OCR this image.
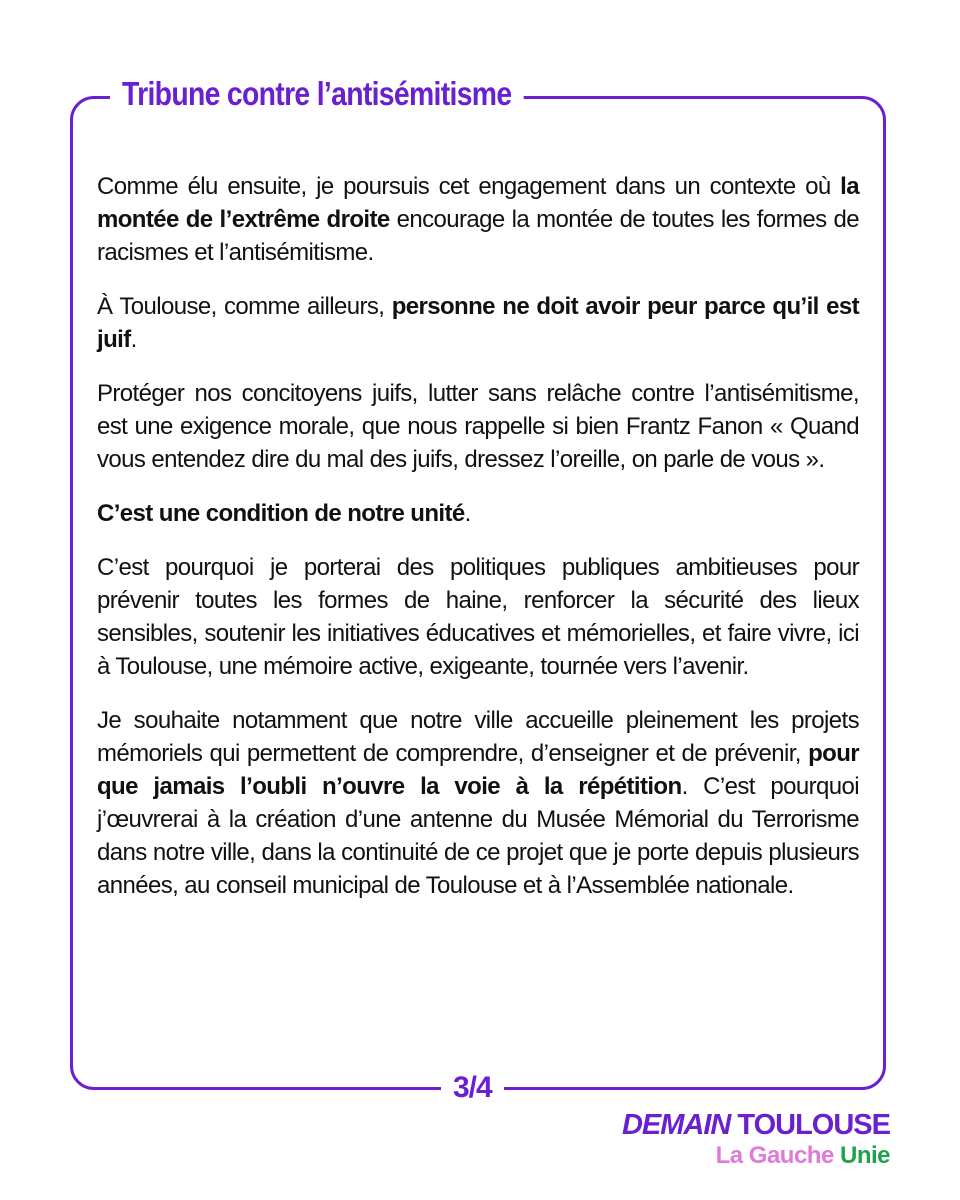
Tribune contre l’antisémitisme

Comme élu ensuite, je poursuis cet engagement dans un contexte où la montée de l’extrême droite encourage la montée de toutes les formes de racismes et l’antisémitisme.

À Toulouse, comme ailleurs, personne ne doit avoir peur parce qu’il est juif.

Protéger nos concitoyens juifs, lutter sans relâche contre l’antisémitisme, est une exigence morale, que nous rappelle si bien Frantz Fanon « Quand vous entendez dire du mal des juifs, dressez l’oreille, on parle de vous ».

C’est une condition de notre unité.

C’est pourquoi je porterai des politiques publiques ambitieuses pour prévenir toutes les formes de haine, renforcer la sécurité des lieux sensibles, soutenir les initiatives éducatives et mémorielles, et faire vivre, ici à Toulouse, une mémoire active, exigeante, tournée vers l’avenir.

Je souhaite notamment que notre ville accueille pleinement les projets mémoriels qui permettent de comprendre, d’enseigner et de prévenir, pour que jamais l’oubli n’ouvre la voie à la répétition. C’est pourquoi j’œuvrerai à la création d’une antenne du Musée Mémorial du Terrorisme dans notre ville, dans la continuité de ce projet que je porte depuis plusieurs années, au conseil municipal de Toulouse et à l’Assemblée nationale.

3/4
DEMAIN TOULOUSE
La Gauche Unie
